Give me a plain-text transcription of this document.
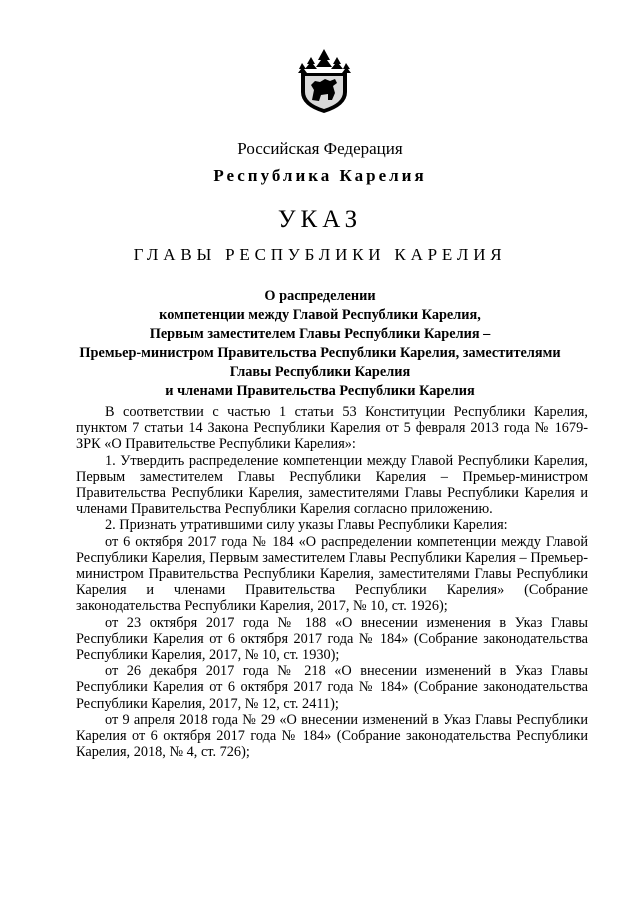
Российская Федерация
Республика Карелия
УКАЗ
ГЛАВЫ РЕСПУБЛИКИ КАРЕЛИЯ
О распределении
компетенции между Главой Республики Карелия,
Первым заместителем Главы Республики Карелия –
Премьер-министром Правительства Республики Карелия, заместителями
Главы Республики Карелия
и членами Правительства Республики Карелия

В соответствии с частью 1 статьи 53 Конституции Республики Карелия, пунктом 7 статьи 14 Закона Республики Карелия от 5 февраля 2013 года № 1679-ЗРК «О Правительстве Республики Карелия»:

1. Утвердить распределение компетенции между Главой Республики Карелия, Первым заместителем Главы Республики Карелия – Премьер-министром Правительства Республики Карелия, заместителями Главы Республики Карелия и членами Правительства Республики Карелия согласно приложению.

2. Признать утратившими силу указы Главы Республики Карелия:

от 6 октября 2017 года № 184 «О распределении компетенции между Главой Республики Карелия, Первым заместителем Главы Республики Карелия – Премьер-министром Правительства Республики Карелия, заместителями Главы Республики Карелия и членами Правительства Республики Карелия» (Собрание законодательства Республики Карелия, 2017, № 10, ст. 1926);

от 23 октября 2017 года № 188 «О внесении изменения в Указ Главы Республики Карелия от 6 октября 2017 года № 184» (Собрание законодательства Республики Карелия, 2017, № 10, ст. 1930);

от 26 декабря 2017 года № 218 «О внесении изменений в Указ Главы Республики Карелия от 6 октября 2017 года № 184» (Собрание законодательства Республики Карелия, 2017, № 12, ст. 2411);

от 9 апреля 2018 года № 29 «О внесении изменений в Указ Главы Республики Карелия от 6 октября 2017 года № 184» (Собрание законодательства Республики Карелия, 2018, № 4, ст. 726);
